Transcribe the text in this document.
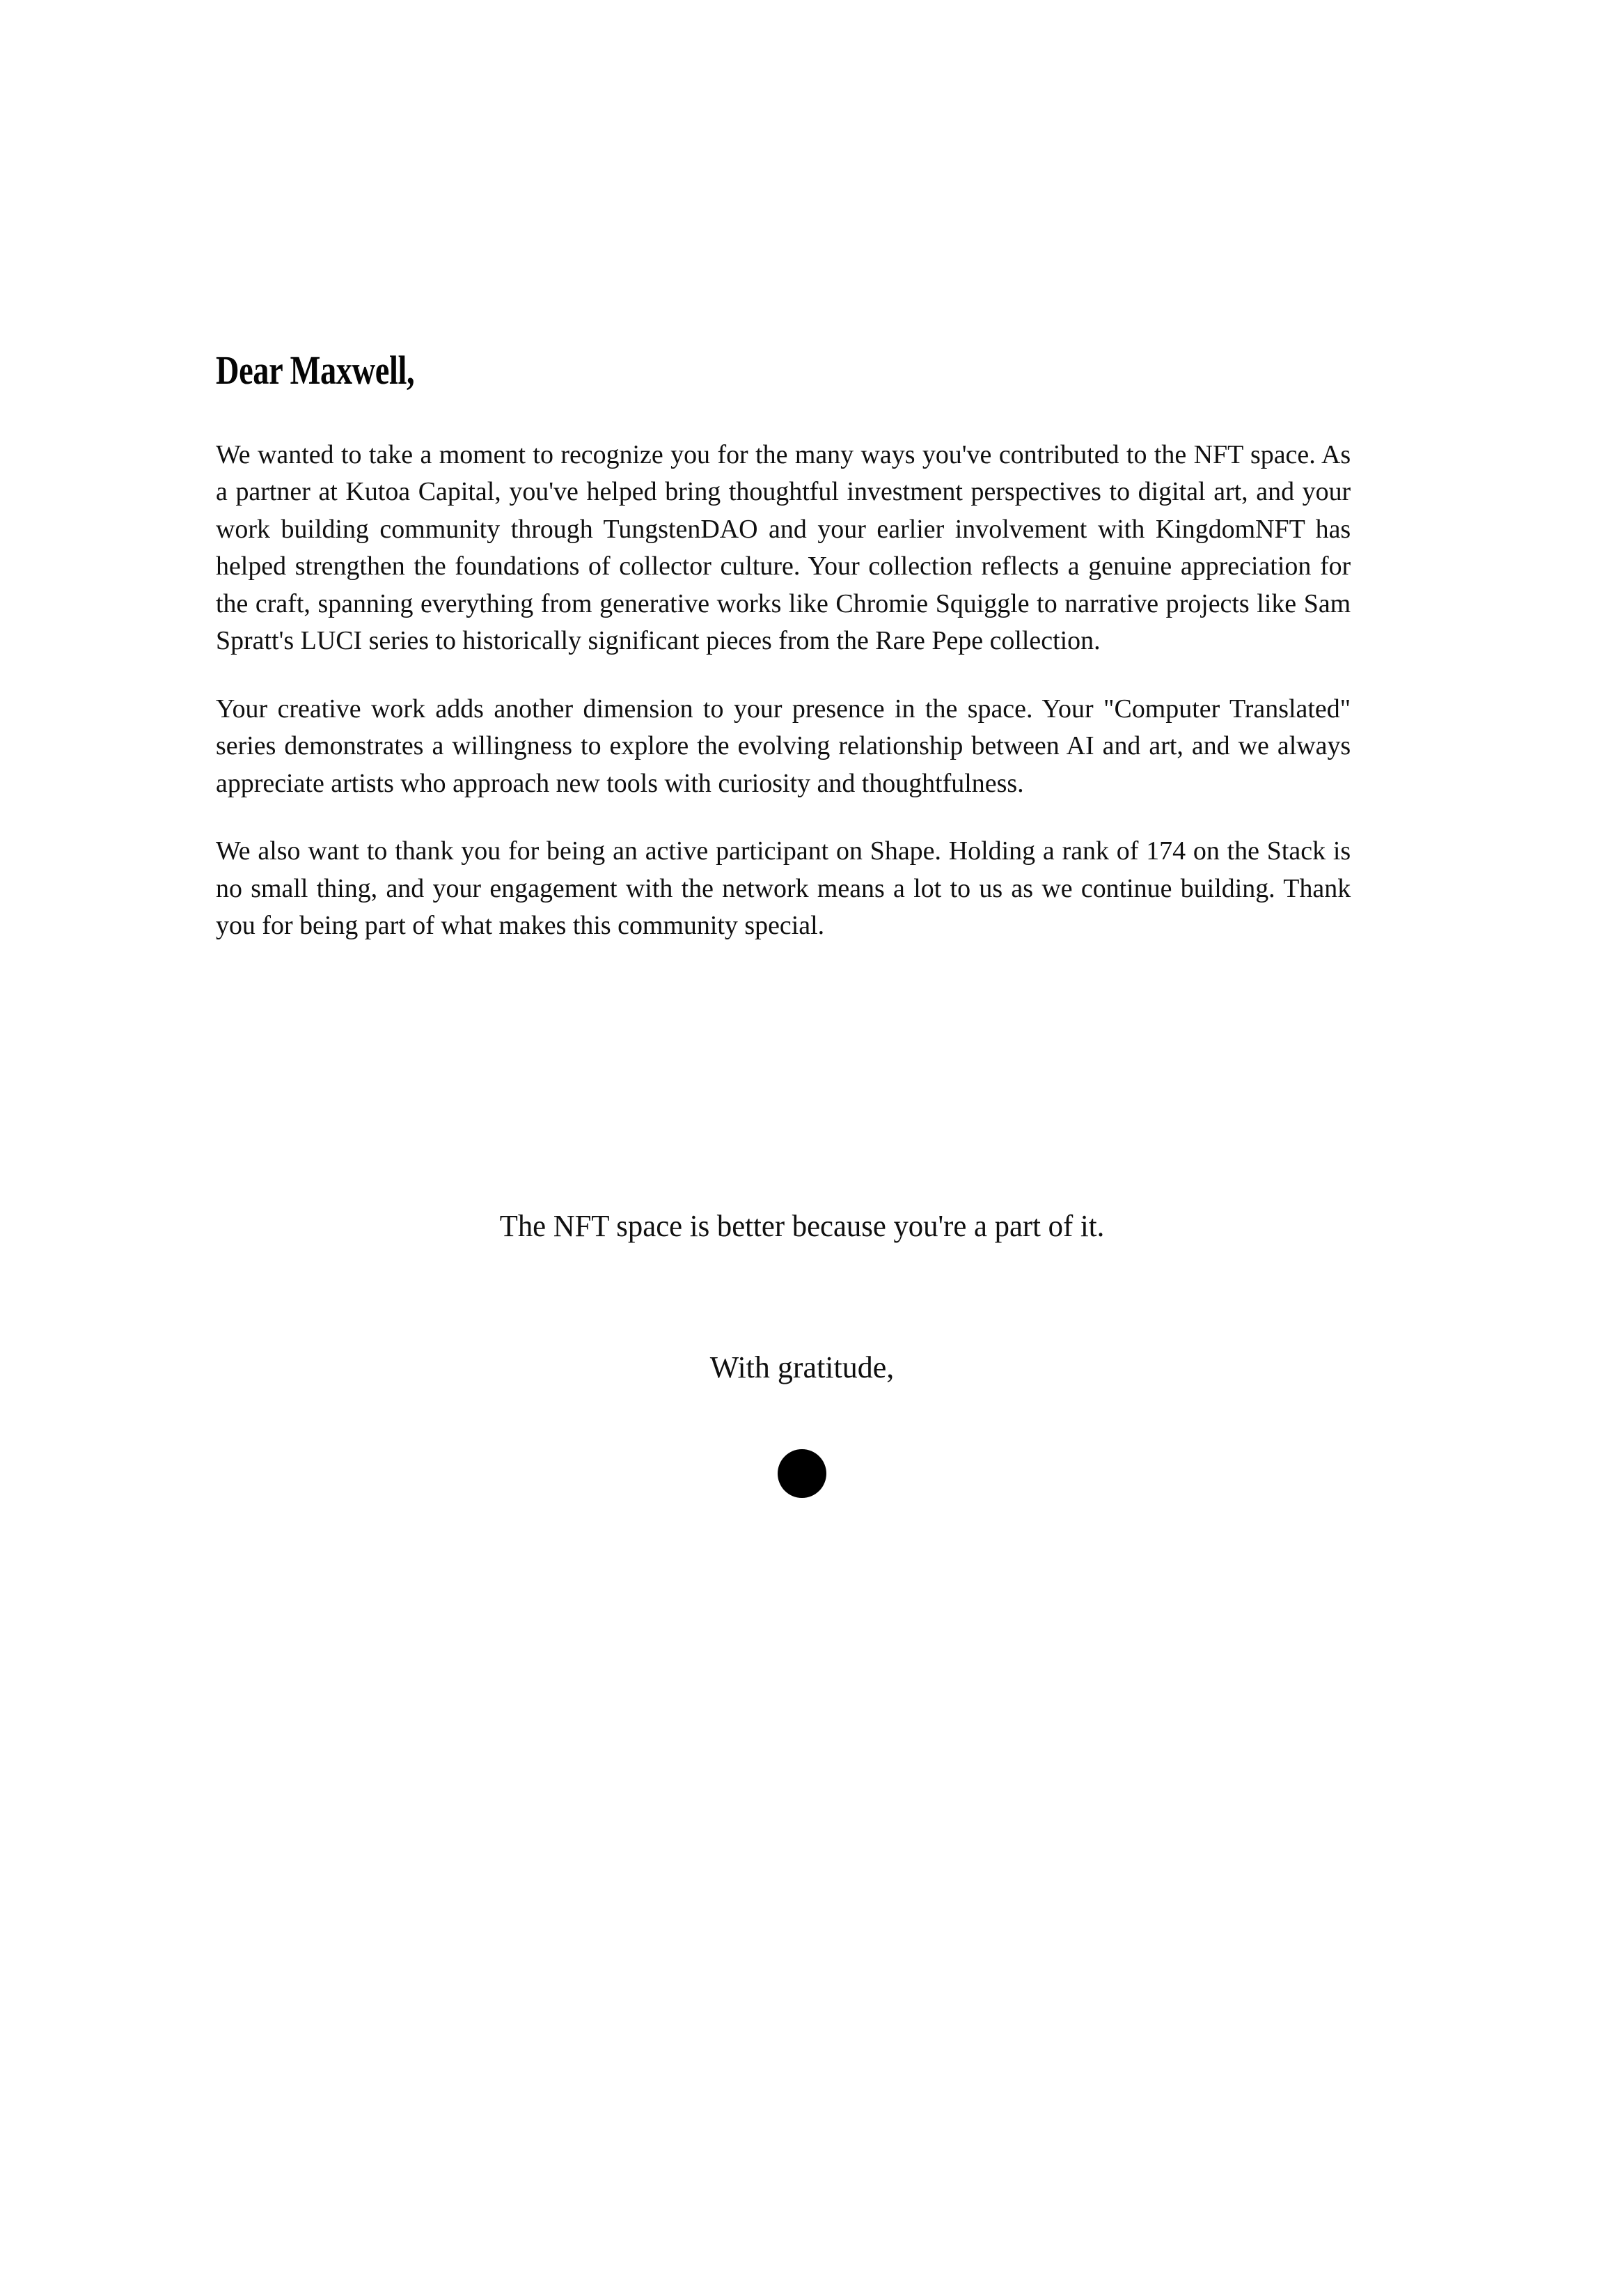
Dear Maxwell,

We wanted to take a moment to recognize you for the many ways you've contributed to the NFT space. As a partner at Kutoa Capital, you've helped bring thoughtful investment perspectives to digital art, and your work building community through TungstenDAO and your earlier involvement with KingdomNFT has helped strengthen the foundations of collector culture. Your collection reflects a genuine appreciation for the craft, spanning everything from generative works like Chromie Squiggle to narrative projects like Sam Spratt's LUCI series to historically significant pieces from the Rare Pepe collection.

Your creative work adds another dimension to your presence in the space. Your "Computer Translated" series demonstrates a willingness to explore the evolving relationship between AI and art, and we always appreciate artists who approach new tools with curiosity and thoughtfulness.

We also want to thank you for being an active participant on Shape. Holding a rank of 174 on the Stack is no small thing, and your engagement with the network means a lot to us as we continue building. Thank you for being part of what makes this community special.

The NFT space is better because you're a part of it.

With gratitude,
